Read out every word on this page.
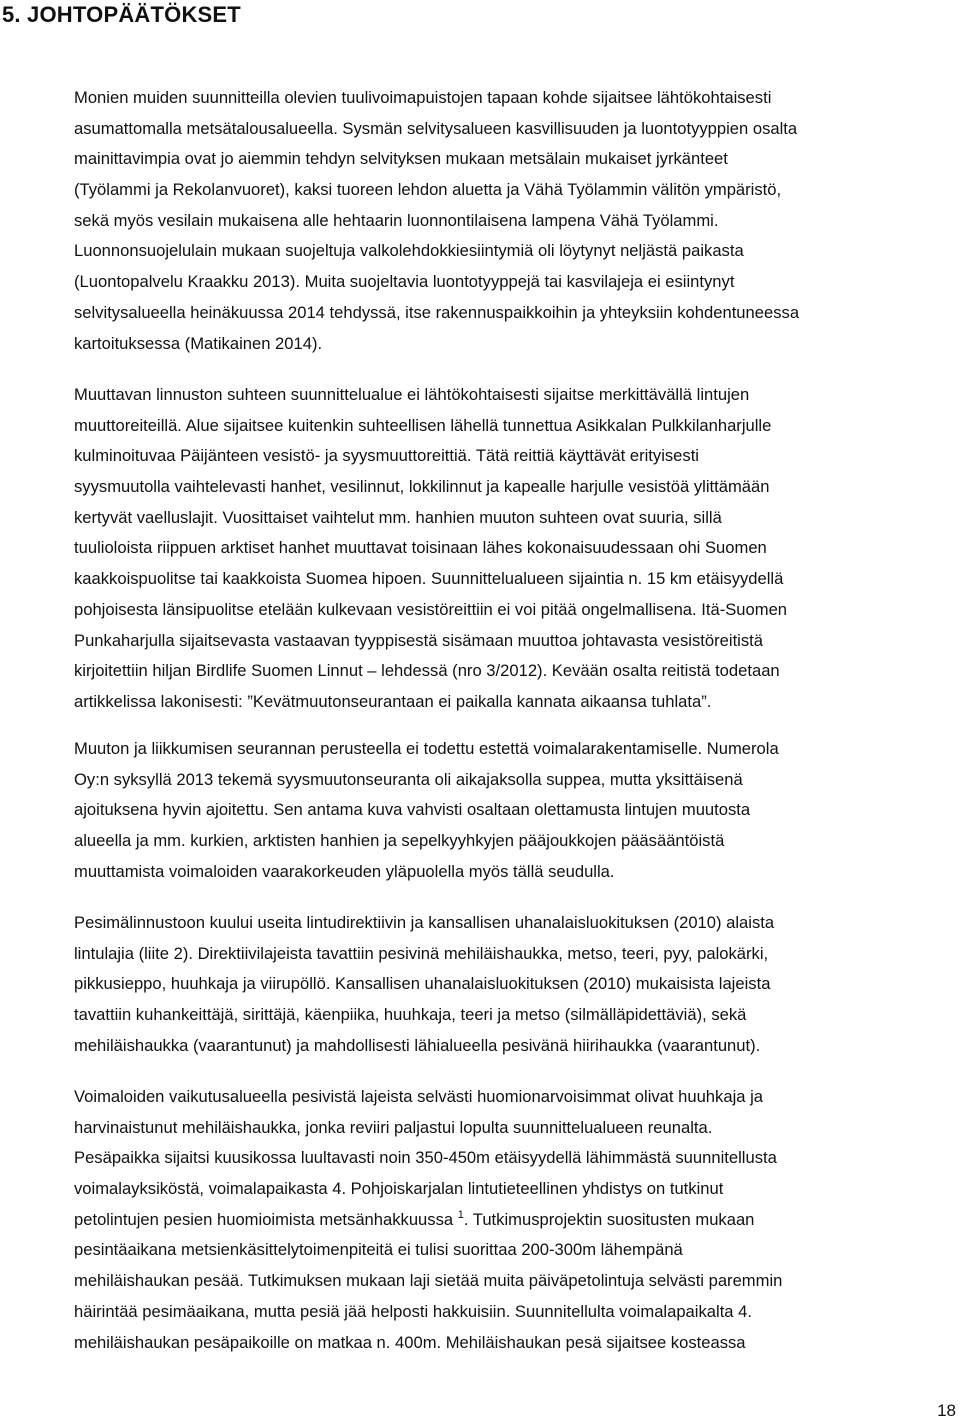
5. JOHTOPÄÄTÖKSET
Monien muiden suunnitteilla olevien tuulivoimapuistojen tapaan kohde sijaitsee lähtökohtaisesti
asumattomalla metsätalousalueella. Sysmän selvitysalueen kasvillisuuden ja luontotyyppien osalta
mainittavimpia ovat jo aiemmin tehdyn selvityksen mukaan metsälain mukaiset jyrkänteet
(Työlammi ja Rekolanvuoret), kaksi tuoreen lehdon aluetta ja Vähä Työlammin välitön ympäristö,
sekä myös vesilain mukaisena alle hehtaarin luonnontilaisena lampena Vähä Työlammi.
Luonnonsuojelulain mukaan suojeltuja valkolehdokkiesiintymiä oli löytynyt neljästä paikasta
(Luontopalvelu Kraakku 2013). Muita suojeltavia luontotyyppejä tai kasvilajeja ei esiintynyt
selvitysalueella heinäkuussa 2014 tehdyssä, itse rakennuspaikkoihin ja yhteyksiin kohdentuneessa
kartoituksessa (Matikainen 2014).
Muuttavan linnuston suhteen suunnittelualue ei lähtökohtaisesti sijaitse merkittävällä lintujen
muuttoreiteillä. Alue sijaitsee kuitenkin suhteellisen lähellä tunnettua Asikkalan Pulkkilanharjulle
kulminoituvaa Päijänteen vesistö- ja syysmuuttoreittiä. Tätä reittiä käyttävät erityisesti
syysmuutolla vaihtelevasti hanhet, vesilinnut, lokkilinnut ja kapealle harjulle vesistöä ylittämään
kertyvät vaelluslajit. Vuosittaiset vaihtelut mm. hanhien muuton suhteen ovat suuria, sillä
tuulioloista riippuen arktiset hanhet muuttavat toisinaan lähes kokonaisuudessaan ohi Suomen
kaakkoispuolitse tai kaakkoista Suomea hipoen. Suunnittelualueen sijaintia n. 15 km etäisyydellä
pohjoisesta länsipuolitse etelään kulkevaan vesistöreittiin ei voi pitää ongelmallisena. Itä-Suomen
Punkaharjulla sijaitsevasta vastaavan tyyppisestä sisämaan muuttoa johtavasta vesistöreitistä
kirjoitettiin hiljan Birdlife Suomen Linnut – lehdessä (nro 3/2012). Kevään osalta reitistä todetaan
artikkelissa lakonisesti: ”Kevätmuutonseurantaan ei paikalla kannata aikaansa tuhlata”.
Muuton ja liikkumisen seurannan perusteella ei todettu estettä voimalarakentamiselle. Numerola
Oy:n syksyllä 2013 tekemä syysmuutonseuranta oli aikajaksolla suppea, mutta yksittäisenä
ajoituksena hyvin ajoitettu. Sen antama kuva vahvisti osaltaan olettamusta lintujen muutosta
alueella ja mm. kurkien, arktisten hanhien ja sepelkyyhkyjen pääjoukkojen pääsääntöistä
muuttamista voimaloiden vaarakorkeuden yläpuolella myös tällä seudulla.
Pesimälinnustoon kuului useita lintudirektiivin ja kansallisen uhanalaisluokituksen (2010) alaista
lintulajia (liite 2). Direktiivilajeista tavattiin pesivinä mehiläishaukka, metso, teeri, pyy, palokärki,
pikkusieppo, huuhkaja ja viirupöllö. Kansallisen uhanalaisluokituksen (2010) mukaisista lajeista
tavattiin kuhankeittäjä, sirittäjä, käenpiika, huuhkaja, teeri ja metso (silmälläpidettäviä), sekä
mehiläishaukka (vaarantunut) ja mahdollisesti lähialueella pesivänä hiirihaukka (vaarantunut).
Voimaloiden vaikutusalueella pesivistä lajeista selvästi huomionarvoisimmat olivat huuhkaja ja
harvinaistunut mehiläishaukka, jonka reviiri paljastui lopulta suunnittelualueen reunalta.
Pesäpaikka sijaitsi kuusikossa luultavasti noin 350-450m etäisyydellä lähimmästä suunnitellusta
voimalayksiköstä, voimalapaikasta 4. Pohjoiskarjalan lintutieteellinen yhdistys on tutkinut
petolintujen pesien huomioimista metsänhakkuussa $^1$. Tutkimusprojektin suositusten mukaan
pesintäaikana metsienkäsittelytoimenpiteitä ei tulisi suorittaa 200-300m lähempänä
mehiläishaukan pesää. Tutkimuksen mukaan laji sietää muita päiväpetolintuja selvästi paremmin
häirintää pesimäaikana, mutta pesiä jää helposti hakkuisiin. Suunnitellulta voimalapaikalta 4.
mehiläishaukan pesäpaikoille on matkaa n. 400m. Mehiläishaukan pesä sijaitsee kosteassa
18
